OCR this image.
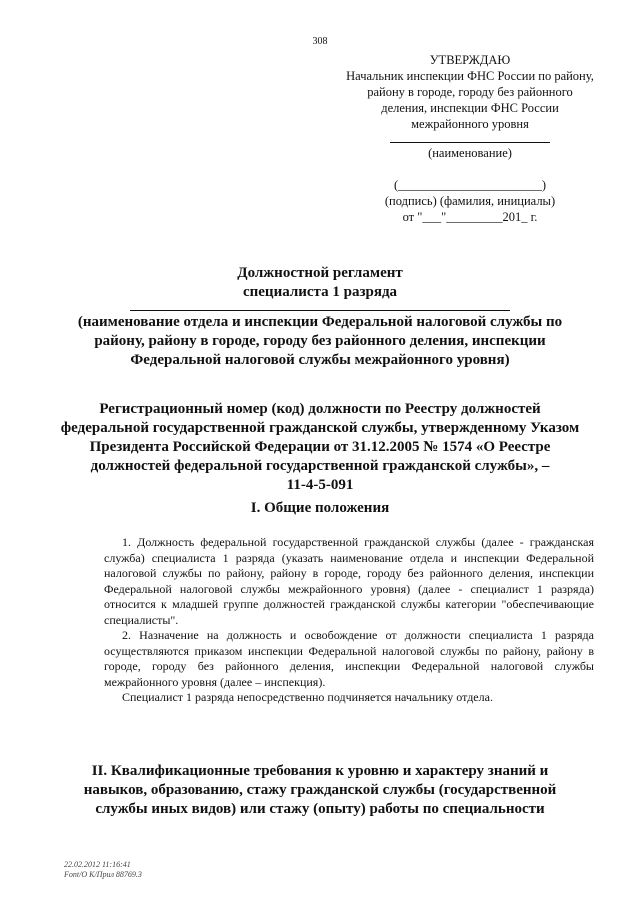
308
УТВЕРЖДАЮ
Начальник инспекции ФНС России по району,
району в городе, городу без районного
деления, инспекции ФНС России
межрайонного уровня
(наименование)
(_______________________)
(подпись) (фамилия, инициалы)
от "___"_________201_ г.
Должностной регламент
специалиста 1 разряда
(наименование отдела и инспекции Федеральной налоговой службы по району, району в городе, городу без районного деления, инспекции Федеральной налоговой службы межрайонного уровня)
Регистрационный номер (код) должности по Реестру должностей федеральной государственной гражданской службы, утвержденному Указом Президента Российской Федерации от 31.12.2005 № 1574 «О Реестре должностей федеральной государственной гражданской службы», –
11-4-5-091
I. Общие положения

1. Должность федеральной государственной гражданской службы (далее - гражданская служба) специалиста 1 разряда (указать наименование отдела и инспекции Федеральной налоговой службы по району, району в городе, городу без районного деления, инспекции Федеральной налоговой службы межрайонного уровня) (далее - специалист 1 разряда) относится к младшей группе должностей гражданской службы категории "обеспечивающие специалисты".

2. Назначение на должность и освобождение от должности специалиста 1 разряда осуществляются приказом инспекции Федеральной налоговой службы по району, району в городе, городу без районного деления, инспекции Федеральной налоговой службы межрайонного уровня (далее – инспекция).

Специалист 1 разряда непосредственно подчиняется начальнику отдела.

II. Квалификационные требования к уровню и характеру знаний и навыков, образованию, стажу гражданской службы (государственной службы иных видов) или стажу (опыту) работы по специальности
22.02.2012 11:16:41
Font/O K/Прил 88769.3
